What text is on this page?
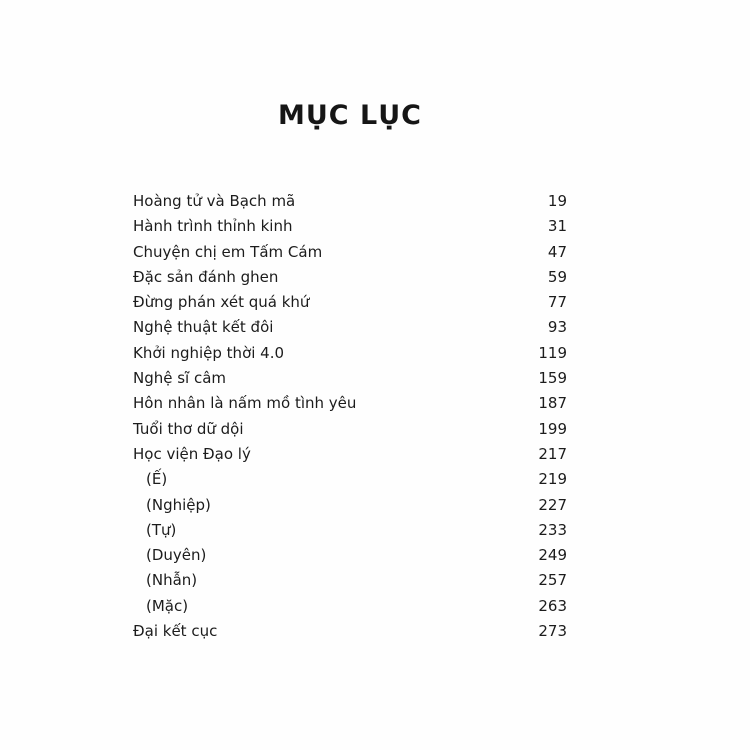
MỤC LỤC
Hoàng tử và Bạch mã	19
Hành trình thỉnh kinh	31
Chuyện chị em Tấm Cám	47
Đặc sản đánh ghen	59
Đừng phán xét quá khứ	77
Nghệ thuật kết đôi	93
Khởi nghiệp thời 4.0	119
Nghệ sĩ câm	159
Hôn nhân là nấm mồ tình yêu	187
Tuổi thơ dữ dội	199
Học viện Đạo lý	217
(Ế)	219
(Nghiệp)	227
(Tự)	233
(Duyên)	249
(Nhẫn)	257
(Mặc)	263
Đại kết cục	273
